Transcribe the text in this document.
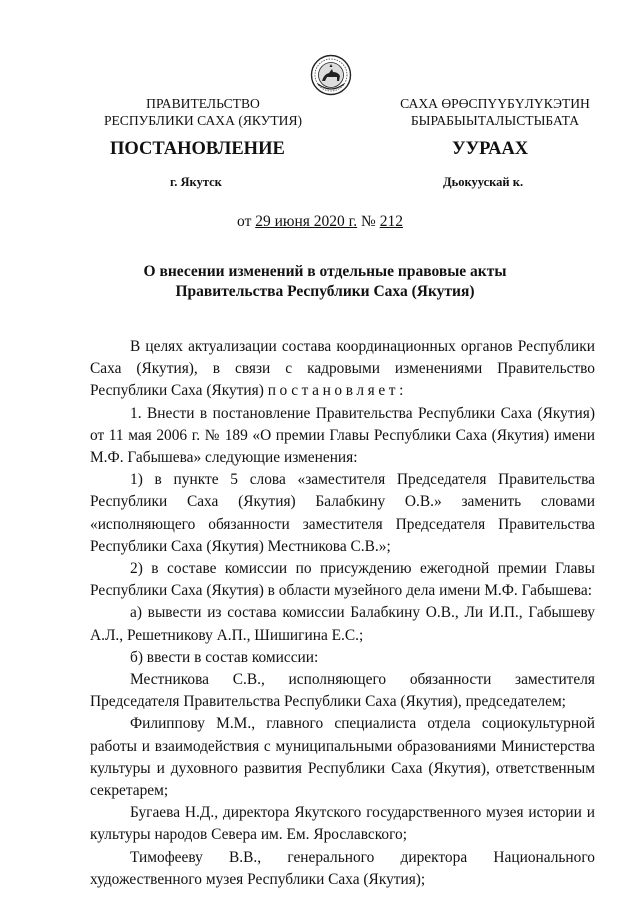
ПРАВИТЕЛЬСТВО
РЕСПУБЛИКИ САХА (ЯКУТИЯ)
САХА ӨРӨСПҮҮБҮЛҮКЭТИН
БЫРАБЫЫТАЛЫСТЫБАТА
ПОСТАНОВЛЕНИЕ	УУРААХ
г. Якутск	Дьокуускай к.
от 29 июня 2020 г. № 212
О внесении изменений в отдельные правовые акты
Правительства Республики Саха (Якутия)

В целях актуализации состава координационных органов Республики Саха (Якутия), в связи с кадровыми изменениями Правительство Республики Саха (Якутия) постановляет:

1. Внести в постановление Правительства Республики Саха (Якутия) от 11 мая 2006 г. № 189 «О премии Главы Республики Саха (Якутия) имени М.Ф. Габышева» следующие изменения:

1) в пункте 5 слова «заместителя Председателя Правительства Республики Саха (Якутия) Балабкину О.В.» заменить словами «исполняющего обязанности заместителя Председателя Правительства Республики Саха (Якутия) Местникова С.В.»;

2) в составе комиссии по присуждению ежегодной премии Главы Республики Саха (Якутия) в области музейного дела имени М.Ф. Габышева:

а) вывести из состава комиссии Балабкину О.В., Ли И.П., Габышеву А.Л., Решетникову А.П., Шишигина Е.С.;

б) ввести в состав комиссии:

Местникова С.В., исполняющего обязанности заместителя Председателя Правительства Республики Саха (Якутия), председателем;

Филиппову М.М., главного специалиста отдела социокультурной работы и взаимодействия с муниципальными образованиями Министерства культуры и духовного развития Республики Саха (Якутия), ответственным секретарем;

Бугаева Н.Д., директора Якутского государственного музея истории и культуры народов Севера им. Ем. Ярославского;

Тимофееву В.В., генерального директора Национального художественного музея Республики Саха (Якутия);
